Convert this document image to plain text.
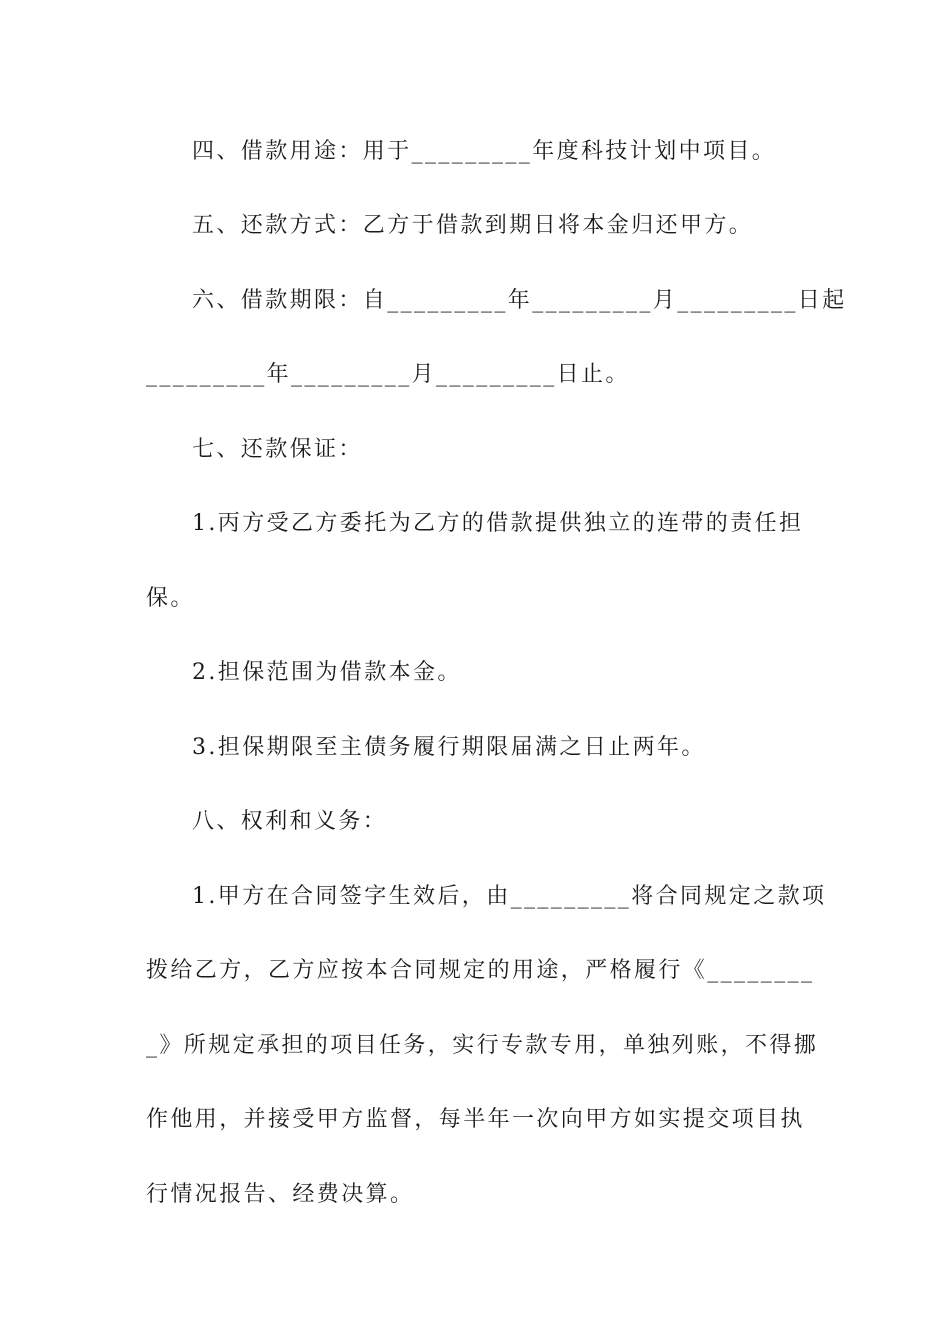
四、借款用途：用于_________年度科技计划中项目。
五、还款方式：乙方于借款到期日将本金归还甲方。
六、借款期限：自_________年_________月_________日起
_________年_________月_________日止。
七、还款保证：
1.丙方受乙方委托为乙方的借款提供独立的连带的责任担
保。
2.担保范围为借款本金。
3.担保期限至主债务履行期限届满之日止两年。
八、权利和义务：
1.甲方在合同签字生效后，由_________将合同规定之款项
拨给乙方，乙方应按本合同规定的用途，严格履行《________
_》所规定承担的项目任务，实行专款专用，单独列账，不得挪
作他用，并接受甲方监督，每半年一次向甲方如实提交项目执
行情况报告、经费决算。
